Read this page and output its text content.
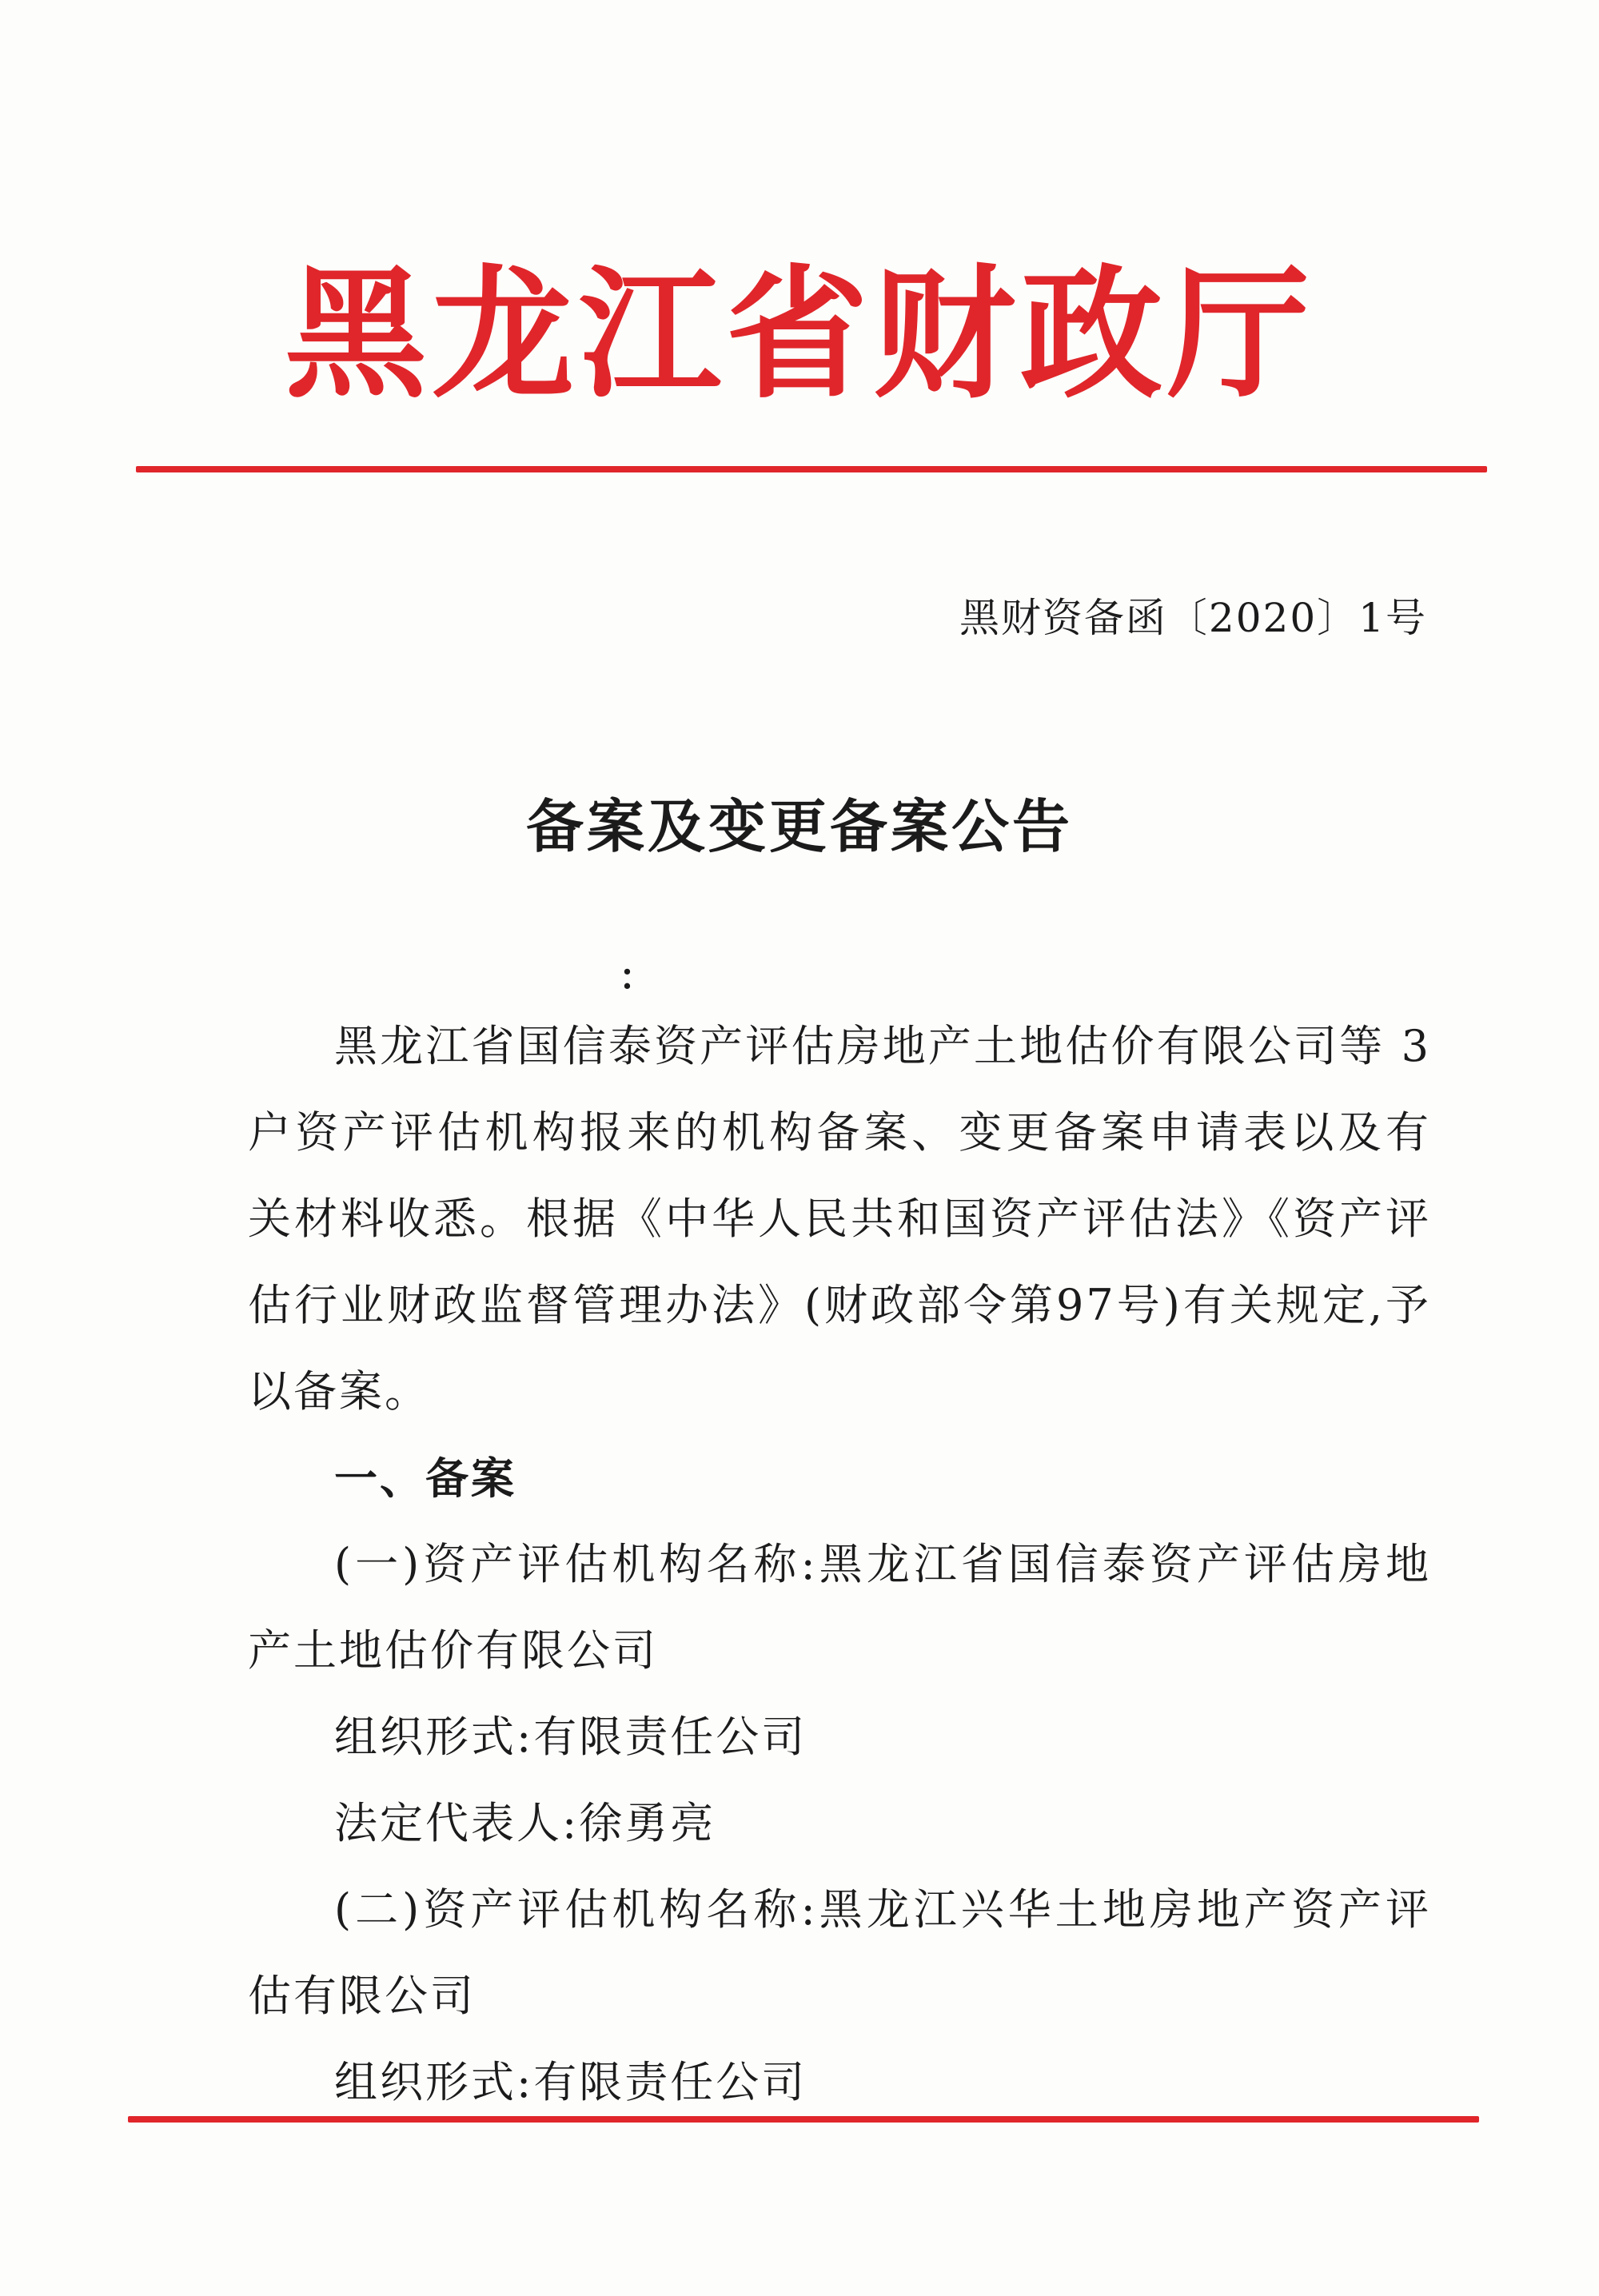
黑龙江省财政厅
黑财资备函〔2020〕1号
备案及变更备案公告
:

黑龙江省国信泰资产评估房地产土地估价有限公司等 3 户资产评估机构报来的机构备案、变更备案申请表以及有关材料收悉。根据《中华人民共和国资产评估法》《资产评估行业财政监督管理办法》(财政部令第97号)有关规定,予以备案。

一、备案

(一)资产评估机构名称:黑龙江省国信泰资产评估房地产土地估价有限公司

组织形式:有限责任公司

法定代表人:徐勇亮

(二)资产评估机构名称:黑龙江兴华土地房地产资产评估有限公司

组织形式:有限责任公司
